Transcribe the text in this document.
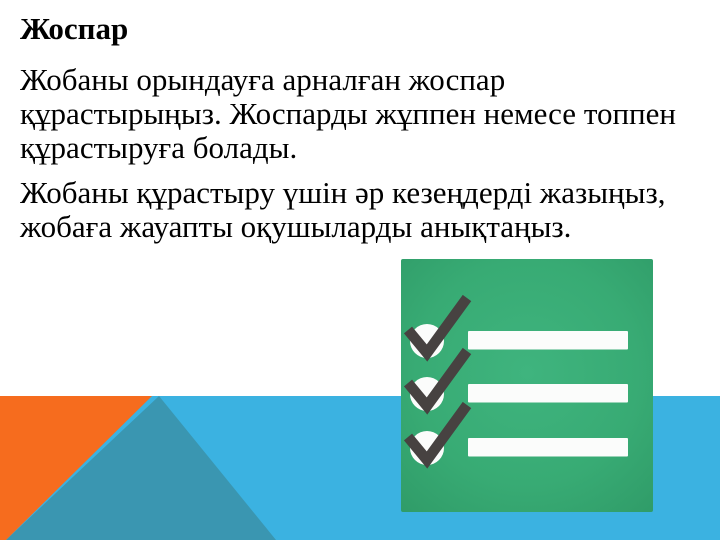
Жоспар

Жобаны орындауға арналған жоспар
құрастырыңыз. Жоспарды жұппен немесе топпен
құрастыруға болады.

Жобаны құрастыру үшін әр кезеңдерді жазыңыз,
жобаға жауапты оқушыларды анықтаңыз.
